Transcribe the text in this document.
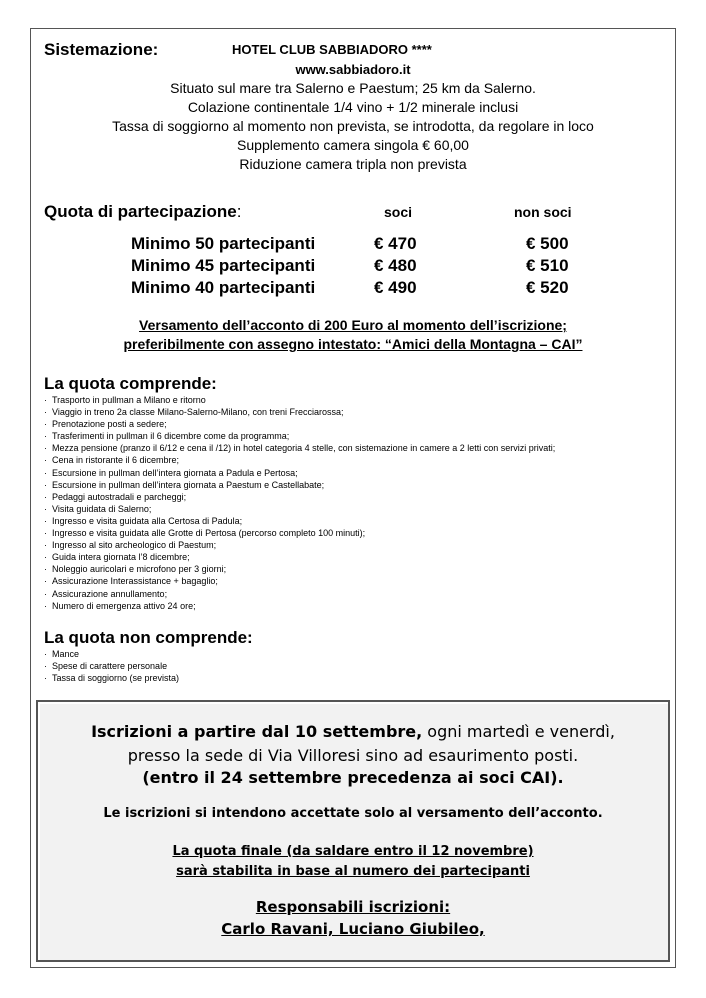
Sistemazione:	HOTEL CLUB SABBIADORO ****
www.sabbiadoro.it
Situato sul mare tra Salerno e Paestum; 25 km da Salerno.
Colazione continentale 1/4 vino + 1/2 minerale inclusi
Tassa di soggiorno al momento non prevista, se introdotta, da regolare in loco
Supplemento camera singola € 60,00
Riduzione camera tripla non prevista
Quota di partecipazione:	soci	non soci
Minimo 50 partecipanti	€ 470	€ 500
Minimo 45 partecipanti	€ 480	€ 510
Minimo 40 partecipanti	€ 490	€ 520
Versamento dell’acconto di 200 Euro al momento dell’iscrizione;
preferibilmente con assegno intestato: “Amici della Montagna – CAI”
La quota comprende:
· Trasporto in pullman a Milano e ritorno
· Viaggio in treno 2a classe Milano-Salerno-Milano, con treni Frecciarossa;
· Prenotazione posti a sedere;
· Trasferimenti in pullman il 6 dicembre come da programma;
· Mezza pensione (pranzo il 6/12 e cena il /12) in hotel categoria 4 stelle, con sistemazione in camere a 2 letti con servizi privati;
· Cena in ristorante il 6 dicembre;
· Escursione in pullman dell’intera giornata a Padula e Pertosa;
· Escursione in pullman dell’intera giornata a Paestum e Castellabate;
· Pedaggi autostradali e parcheggi;
· Visita guidata di Salerno;
· Ingresso e visita guidata alla Certosa di Padula;
· Ingresso e visita guidata alle Grotte di Pertosa (percorso completo 100 minuti);
· Ingresso al sito archeologico di Paestum;
· Guida intera giornata l’8 dicembre;
· Noleggio auricolari e microfono per 3 giorni;
· Assicurazione Interassistance + bagaglio;
· Assicurazione annullamento;
· Numero di emergenza attivo 24 ore;
La quota non comprende:
· Mance
· Spese di carattere personale
· Tassa di soggiorno (se prevista)
Iscrizioni a partire dal 10 settembre, ogni martedì e venerdì,
presso la sede di Via Villoresi sino ad esaurimento posti.
(entro il 24 settembre precedenza ai soci CAI).
Le iscrizioni si intendono accettate solo al versamento dell’acconto.
La quota finale (da saldare entro il 12 novembre)
sarà stabilita in base al numero dei partecipanti
Responsabili iscrizioni:
Carlo Ravani, Luciano Giubileo,
